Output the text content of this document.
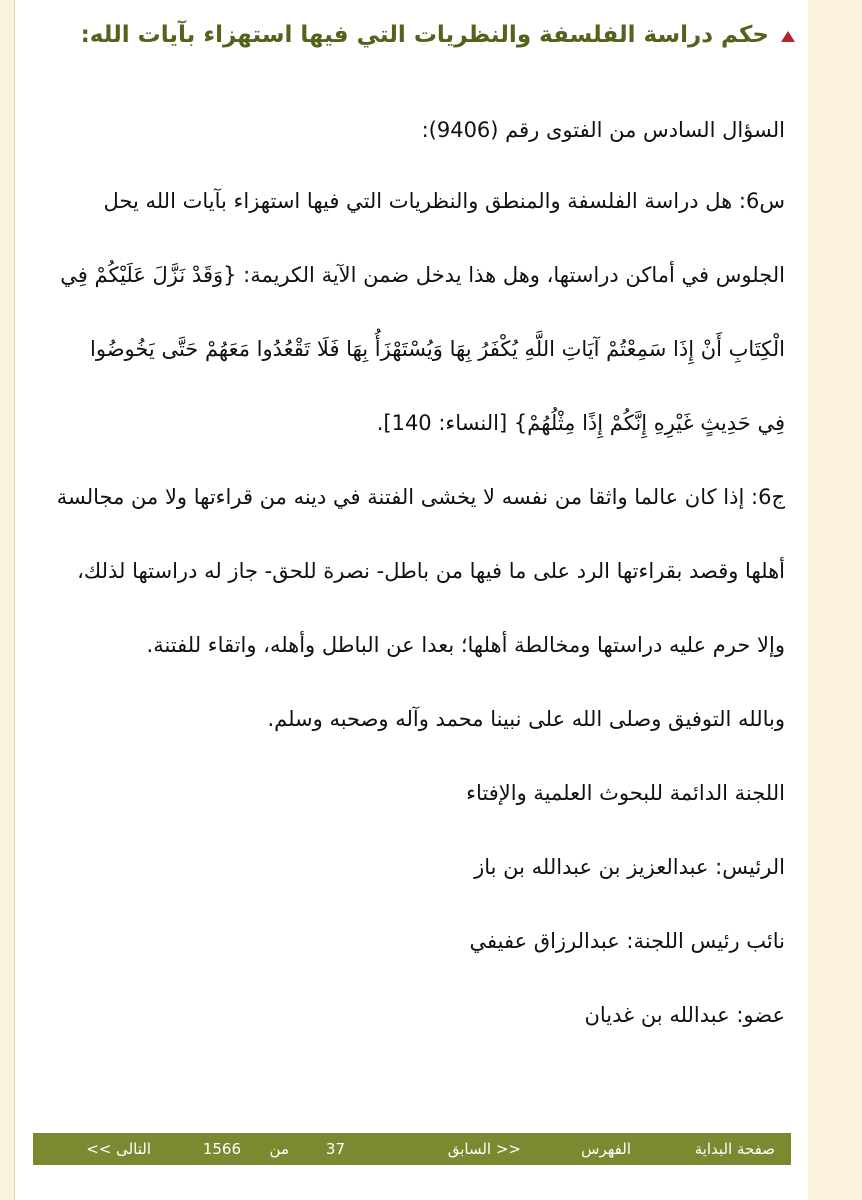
حكم دراسة الفلسفة والنظريات التي فيها استهزاء بآيات الله:
السؤال السادس من الفتوى رقم (9406):
س6: هل دراسة الفلسفة والمنطق والنظريات التي فيها استهزاء بآيات الله يحل
الجلوس في أماكن دراستها، وهل هذا يدخل ضمن الآية الكريمة: {وَقَدْ نَزَّلَ عَلَيْكُمْ فِي
الْكِتَابِ أَنْ إِذَا سَمِعْتُمْ آيَاتِ اللَّهِ يُكْفَرُ بِهَا وَيُسْتَهْزَأُ بِهَا فَلَا تَقْعُدُوا مَعَهُمْ حَتَّى يَخُوضُوا
فِي حَدِيثٍ غَيْرِهِ إِنَّكُمْ إِذًا مِثْلُهُمْ} [النساء: 140].
ج6: إذا كان عالما واثقا من نفسه لا يخشى الفتنة في دينه من قراءتها ولا من مجالسة
أهلها وقصد بقراءتها الرد على ما فيها من باطل- نصرة للحق- جاز له دراستها لذلك،
وإلا حرم عليه دراستها ومخالطة أهلها؛ بعدا عن الباطل وأهله، واتقاء للفتنة.
وبالله التوفيق وصلى الله على نبينا محمد وآله وصحبه وسلم.
اللجنة الدائمة للبحوث العلمية والإفتاء
الرئيس: عبدالعزيز بن عبدالله بن باز
نائب رئيس اللجنة: عبدالرزاق عفيفي
عضو: عبدالله بن غديان
صفحة البداية
الفهرس
<< السابق
37
من
1566
التالى >>
